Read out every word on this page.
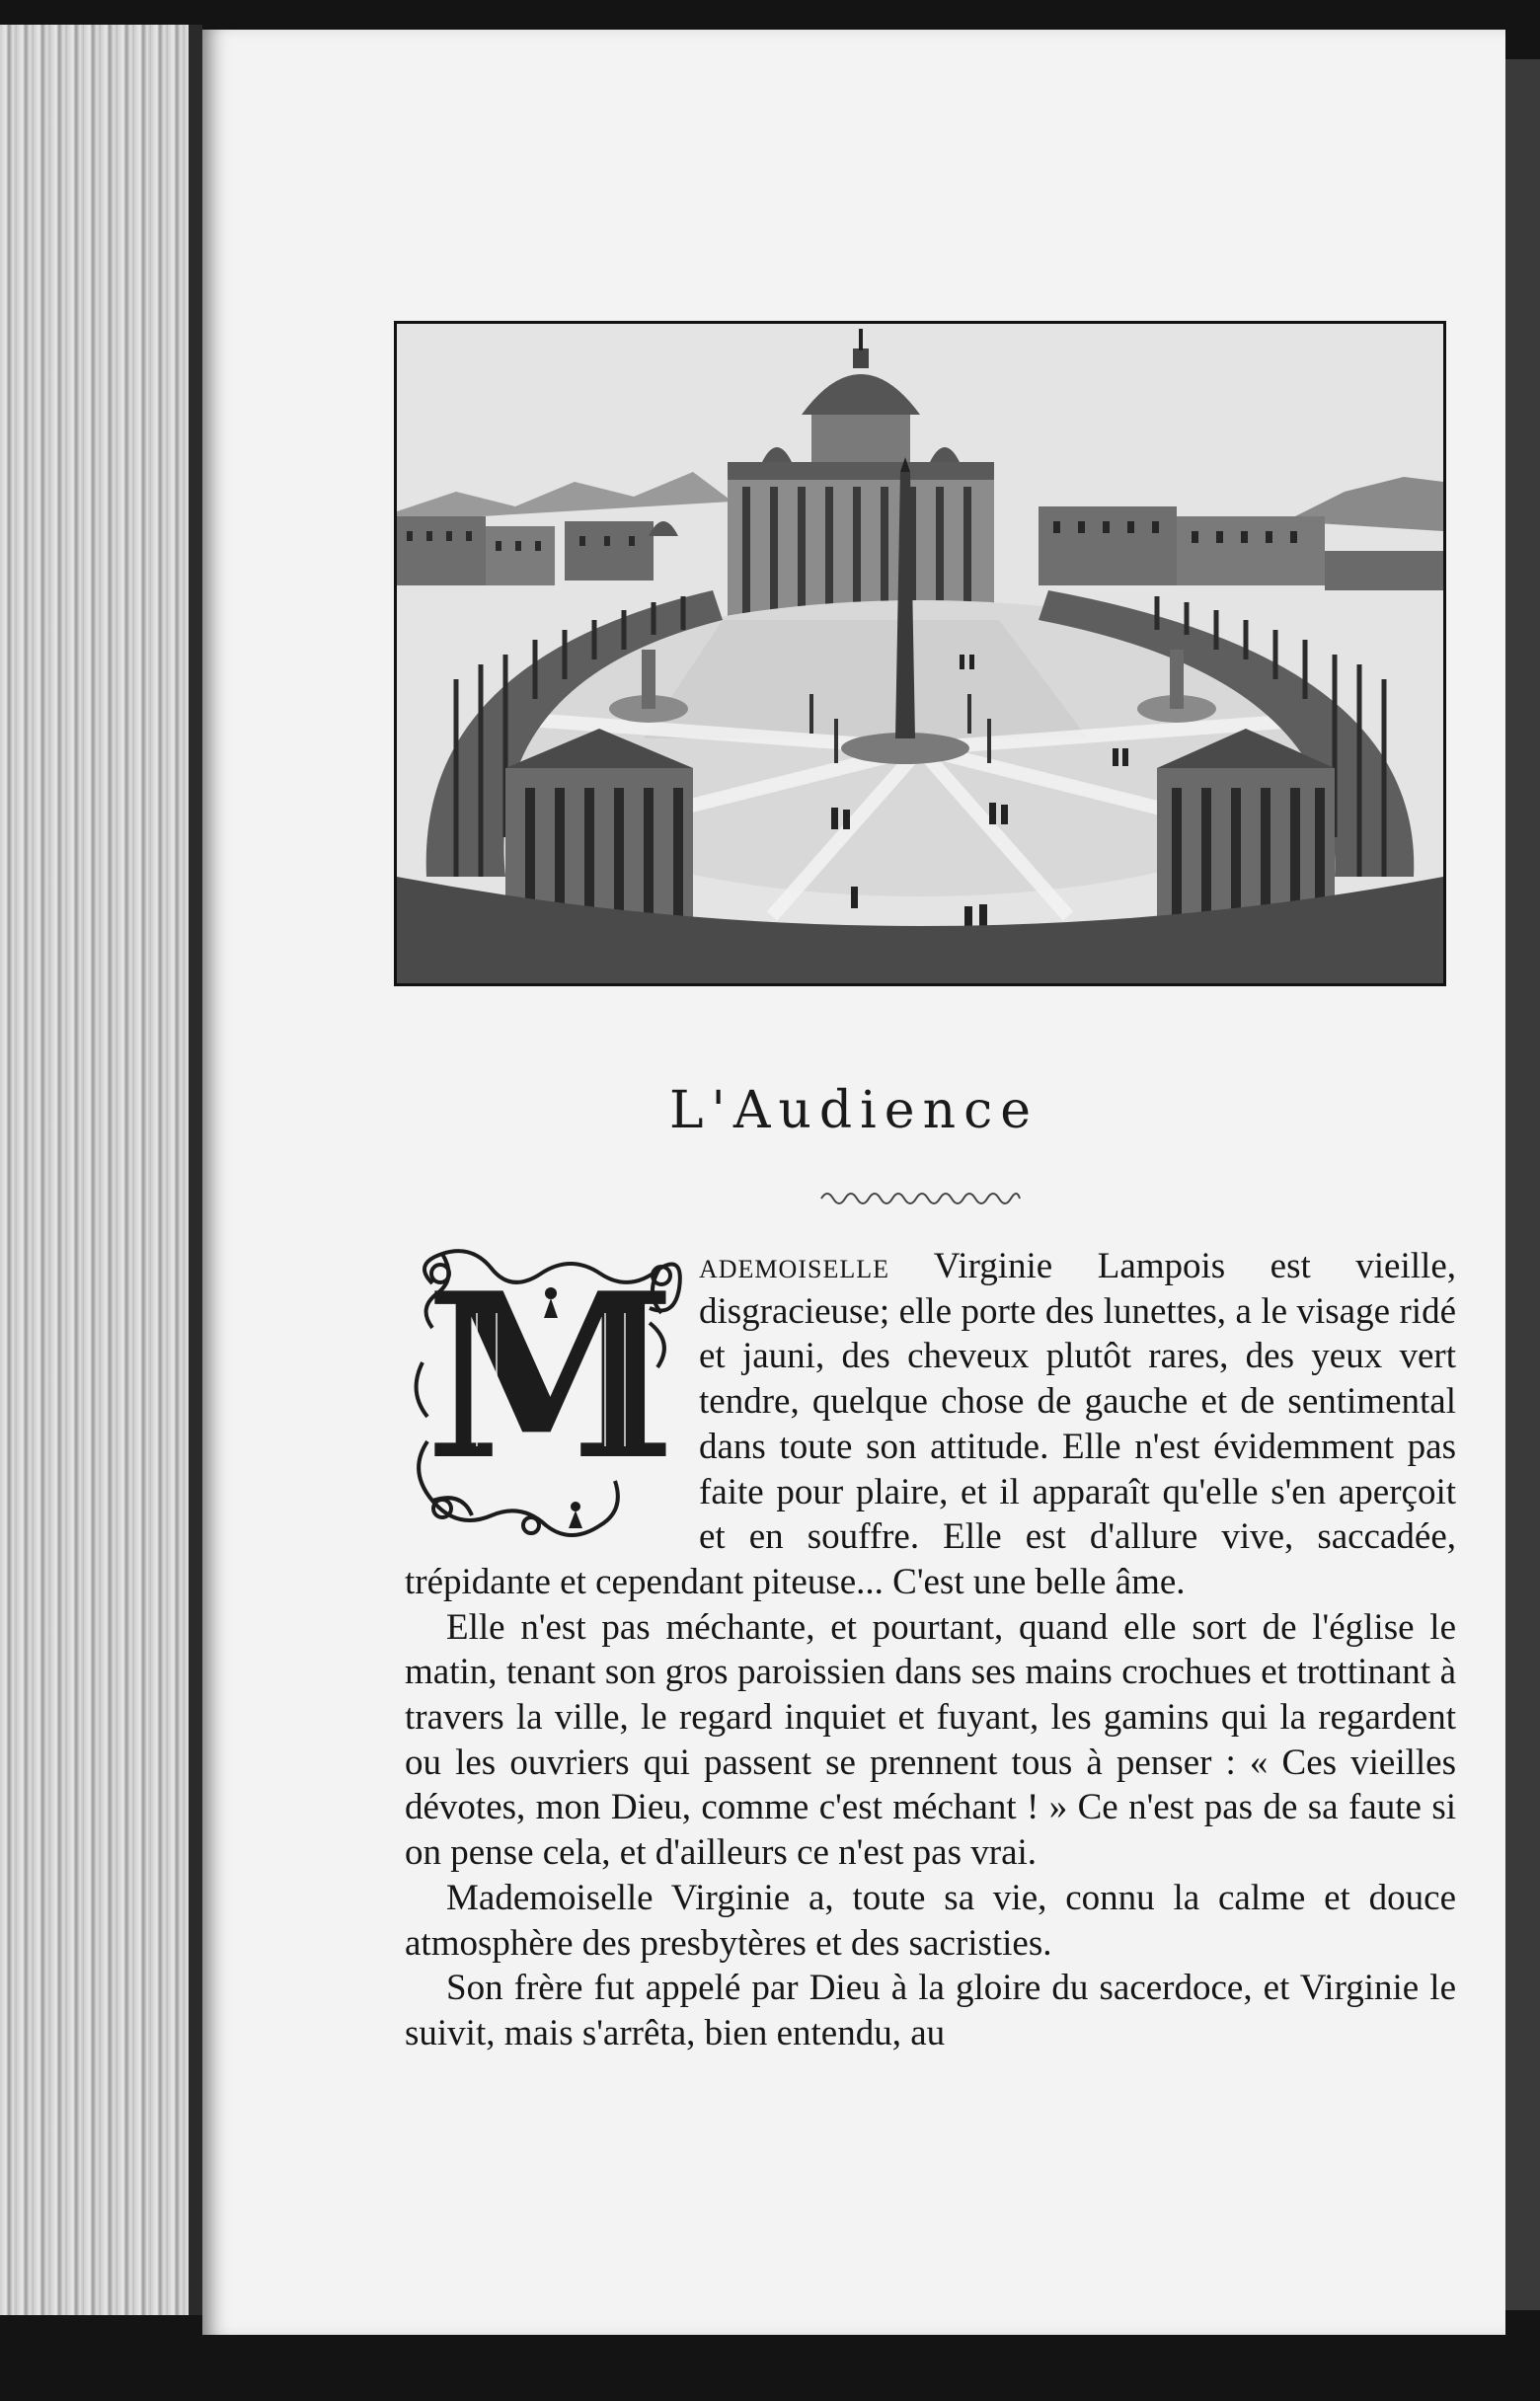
L'Audience
M ademoiselle Virginie Lampois est vieille, disgracieuse; elle porte des lunettes, a le visage ridé et jauni, des cheveux plutôt rares, des yeux vert tendre, quelque chose de gauche et de sentimental dans toute son attitude. Elle n'est évidemment pas faite pour plaire, et il apparaît qu'elle s'en aperçoit et en souffre. Elle est d'allure vive, saccadée, trépidante et cependant piteuse... C'est une belle âme.

Elle n'est pas méchante, et pourtant, quand elle sort de l'église le matin, tenant son gros paroissien dans ses mains crochues et trottinant à travers la ville, le regard inquiet et fuyant, les gamins qui la regardent ou les ouvriers qui passent se prennent tous à penser : « Ces vieilles dévotes, mon Dieu, comme c'est méchant ! » Ce n'est pas de sa faute si on pense cela, et d'ailleurs ce n'est pas vrai.

Mademoiselle Virginie a, toute sa vie, connu la calme et douce atmosphère des presbytères et des sacristies.

Son frère fut appelé par Dieu à la gloire du sacerdoce, et Virginie le suivit, mais s'arrêta, bien entendu, au
